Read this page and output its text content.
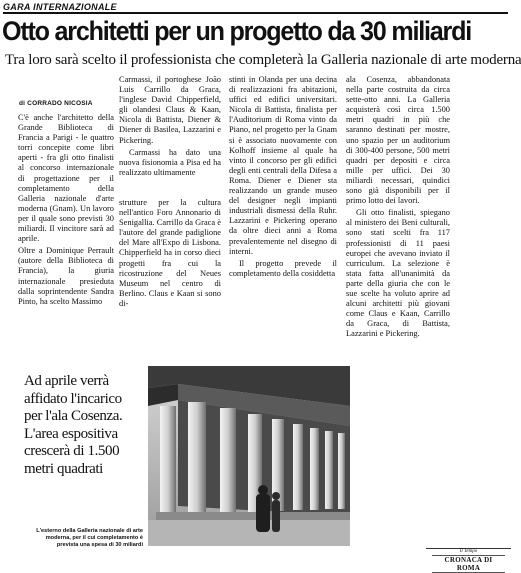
GARA INTERNAZIONALE
Otto architetti per un progetto da 30 miliardi
Tra loro sarà scelto il professionista che completerà la Galleria nazionale di arte moderna
di CORRADO NICOSIA

C'è anche l'architetto della Grande Biblioteca di Francia a Parigi - le quattro torri concepite come libri aperti - fra gli otto finalisti al concorso internazionale di progettazione per il completamento della Galleria nazionale d'arte moderna (Gnam). Un lavoro per il quale sono previsti 30 miliardi. Il vincitore sarà ad aprile.

Oltre a Dominique Perrault (autore della Biblioteca di Francia), la giuria internazionale presieduta dalla soprintendente Sandra Pinto, ha scelto Massimo

Carmassi, il portoghese João Luis Carrillo da Graca, l'inglese David Chipperfield, gli olandesi Claus & Kaan, Nicola di Battista, Diener & Diener di Basilea, Lazzarini e Pickering.

Carmassi ha dato una nuova fisionomia a Pisa ed ha realizzato ultimamente

strutture per la cultura nell'antico Foro Annonario di Senigallia. Carrillo da Graca è l'autore del grande padiglione del Mare all'Expo di Lisbona. Chipperfield ha in corso dieci progetti fra cui la ricostruzione del Neues Museum nel centro di Berlino. Claus e Kaan si sono di-

stinti in Olanda per una decina di realizzazioni fra abitazioni, uffici ed edifici universitari. Nicola di Battista, finalista per l'Auditorium di Roma vinto da Piano, nel progetto per la Gnam si è associato nuovamente con Kolhoff insieme al quale ha vinto il concorso per gli edifici degli enti centrali della Difesa a Roma. Diener e Diener sta realizzando un grande museo del designer negli impianti industriali dismessi della Ruhr. Lazzarini e Pickering operano da oltre dieci anni a Roma prevalentemente nel disegno di interni.

Il progetto prevede il completamento della cosiddetta

ala Cosenza, abbandonata nella parte costruita da circa sette-otto anni. La Galleria acquisterà così circa 1.500 metri quadri in più che saranno destinati per mostre, uno spazio per un auditorium di 300-400 persone, 500 metri quadri per depositi e circa mille per uffici. Dei 30 miliardi necessari, quindici sono già disponibili per il primo lotto dei lavori.

Gli otto finalisti, spiegano al ministero dei Beni culturali, sono stati scelti fra 117 professionisti di 11 paesi europei che avevano inviato il curriculum. La selezione è stata fatta all'unanimità da parte della giuria che con le sue scelte ha voluto aprire ad alcuni architetti più giovani come Claus e Kaan, Carrillo da Graca, di Battista, Lazzarini e Pickering.

Ad aprile verrà affidato l'incarico per l'ala Cosenza. L'area espositiva crescerà di 1.500 metri quadrati
L'esterno della Galleria nazionale di arte moderna, per il cui completamento è prevista una spesa di 30 miliardi
Il Tempo
CRONACA DI ROMA
